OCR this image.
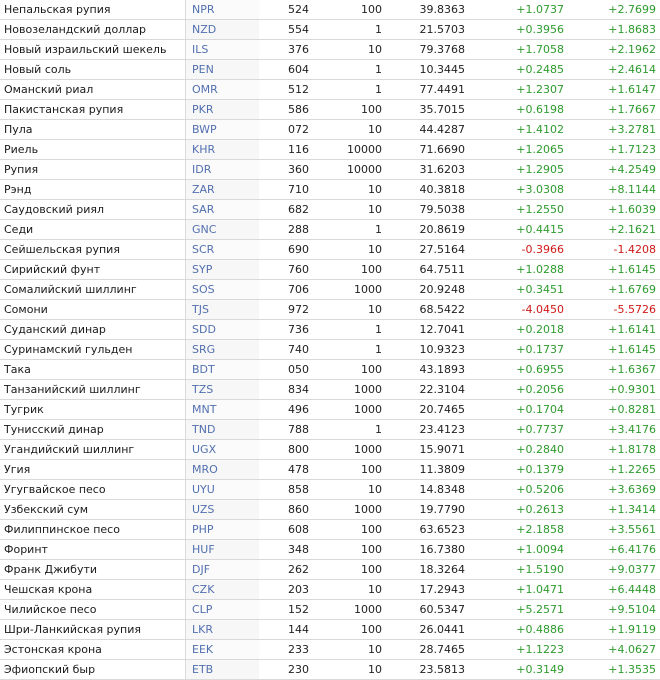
Непальская рупия	NPR	524	100	39.8363	+1.0737	+2.7699
Новозеландский доллар	NZD	554	1	21.5703	+0.3956	+1.8683
Новый израильский шекель	ILS	376	10	79.3768	+1.7058	+2.1962
Новый соль	PEN	604	1	10.3445	+0.2485	+2.4614
Оманский риал	OMR	512	1	77.4491	+1.2307	+1.6147
Пакистанская рупия	PKR	586	100	35.7015	+0.6198	+1.7667
Пула	BWP	072	10	44.4287	+1.4102	+3.2781
Риель	KHR	116	10000	71.6690	+1.2065	+1.7123
Рупия	IDR	360	10000	31.6203	+1.2905	+4.2549
Рэнд	ZAR	710	10	40.3818	+3.0308	+8.1144
Саудовский риял	SAR	682	10	79.5038	+1.2550	+1.6039
Седи	GNC	288	1	20.8619	+0.4415	+2.1621
Сейшельская рупия	SCR	690	10	27.5164	-0.3966	-1.4208
Сирийский фунт	SYP	760	100	64.7511	+1.0288	+1.6145
Сомалийский шиллинг	SOS	706	1000	20.9248	+0.3451	+1.6769
Сомони	TJS	972	10	68.5422	-4.0450	-5.5726
Суданский динар	SDD	736	1	12.7041	+0.2018	+1.6141
Суринамский гульден	SRG	740	1	10.9323	+0.1737	+1.6145
Така	BDT	050	100	43.1893	+0.6955	+1.6367
Танзанийский шиллинг	TZS	834	1000	22.3104	+0.2056	+0.9301
Тугрик	MNT	496	1000	20.7465	+0.1704	+0.8281
Тунисский динар	TND	788	1	23.4123	+0.7737	+3.4176
Угандийский шиллинг	UGX	800	1000	15.9071	+0.2840	+1.8178
Угия	MRO	478	100	11.3809	+0.1379	+1.2265
Угугвайское песо	UYU	858	10	14.8348	+0.5206	+3.6369
Узбекский сум	UZS	860	1000	19.7790	+0.2613	+1.3414
Филиппинское песо	PHP	608	100	63.6523	+2.1858	+3.5561
Форинт	HUF	348	100	16.7380	+1.0094	+6.4176
Франк Джибути	DJF	262	100	18.3264	+1.5190	+9.0377
Чешская крона	CZK	203	10	17.2943	+1.0471	+6.4448
Чилийское песо	CLP	152	1000	60.5347	+5.2571	+9.5104
Шри-Ланкийская рупия	LKR	144	100	26.0441	+0.4886	+1.9119
Эстонская крона	EEK	233	10	28.7465	+1.1223	+4.0627
Эфиопский быр	ETB	230	10	23.5813	+0.3149	+1.3535
